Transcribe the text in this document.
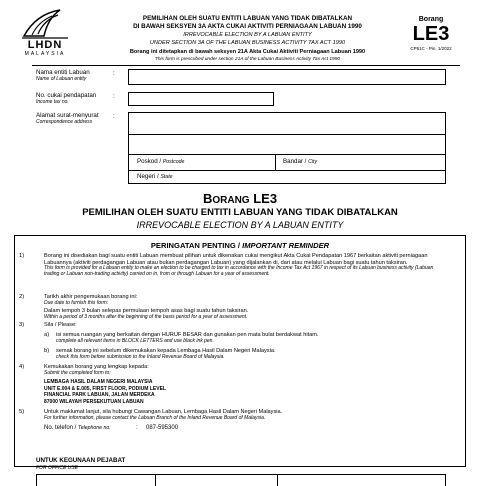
LHDN
MALAYSIA
PEMILIHAN OLEH SUATU ENTITI LABUAN YANG TIDAK DIBATALKAN
DI BAWAH SEKSYEN 3A AKTA CUKAI AKTIVITI PERNIAGAAN LABUAN 1990
IRREVOCABLE ELECTION BY A LABUAN ENTITY
UNDER SECTION 3A OF THE LABUAN BUSINESS ACTIVITY TAX ACT 1990
Borang ini ditetapkan di bawah seksyen 21A Akta Cukai Aktiviti Perniagaan Labuan 1990
This form is prescribed under section 21A of the Labuan Business Activity Tax Act 1990
Borang
LE3
CP51C - Pin. 1/2022
Nama entiti Labuan
Name of Labuan entity
:
No. cukai pendapatan
Income tax no.
:
Alamat surat-menyurat
Correspondence address
:
Poskod / Postcode	Bandar / City
Negeri / State
BORANG LE3
PEMILIHAN OLEH SUATU ENTITI LABUAN YANG TIDAK DIBATALKAN
IRREVOCABLE ELECTION BY A LABUAN ENTITY
PERINGATAN PENTING / IMPORTANT REMINDER
1)	Borang ini disediakan bagi suatu entiti Labuan membuat pilihan untuk dikenakan cukai mengikut Akta Cukai Pendapatan 1967 berkaitan aktiviti perniagaan Labuannya (aktiviti perdagangan Labuan atau bukan perdagangan Labuan) yang dijalankan di, dari atau melalui Labuan bagi suatu tahun taksiran.
This form is provided for a Labuan entity to make an election to be charged to tax in accordance with the Income Tax Act 1967 in respect of its Labuan business activity (Labuan trading or Labuan non-trading activity) carried on in, from or through Labuan for a year of assessment.
2)	Tarikh akhir pengemukaan borang ini:
Due date to furnish this form:
Dalam tempoh 3 bulan selepas permulaan tempoh asas bagi suatu tahun taksiran.
Within a period of 3 months after the beginning of the basis period for a year of assessment.
3)	Sila / Please:
a) isi semua ruangan yang berkaitan dengan HURUF BESAR dan gunakan pen mata bulat berdakwat hitam.
complete all relevant items in BLOCK LETTERS and use black ink pen.
b) semak borang ini sebelum dikemukakan kepada Lembaga Hasil Dalam Negeri Malaysia.
check this form before submission to the Inland Revenue Board of Malaysia.
4)	Kemukakan borang yang lengkap kepada:
Submit the completed form to:
LEMBAGA HASIL DALAM NEGERI MALAYSIA
UNIT E.004 & E.005, FIRST FLOOR, PODIUM LEVEL
FINANCIAL PARK LABUAN, JALAN MERDEKA
87000 WILAYAH PERSEKUTUAN LABUAN
5)	Untuk maklumat lanjut, sila hubungi Cawangan Labuan, Lembaga Hasil Dalam Negeri Malaysia.
For further information, please contact the Labuan Branch of the Inland Revenue Board of Malaysia.
No. telefon / Telephone no.	: 087-595300
UNTUK KEGUNAAN PEJABAT
FOR OFFICE USE
